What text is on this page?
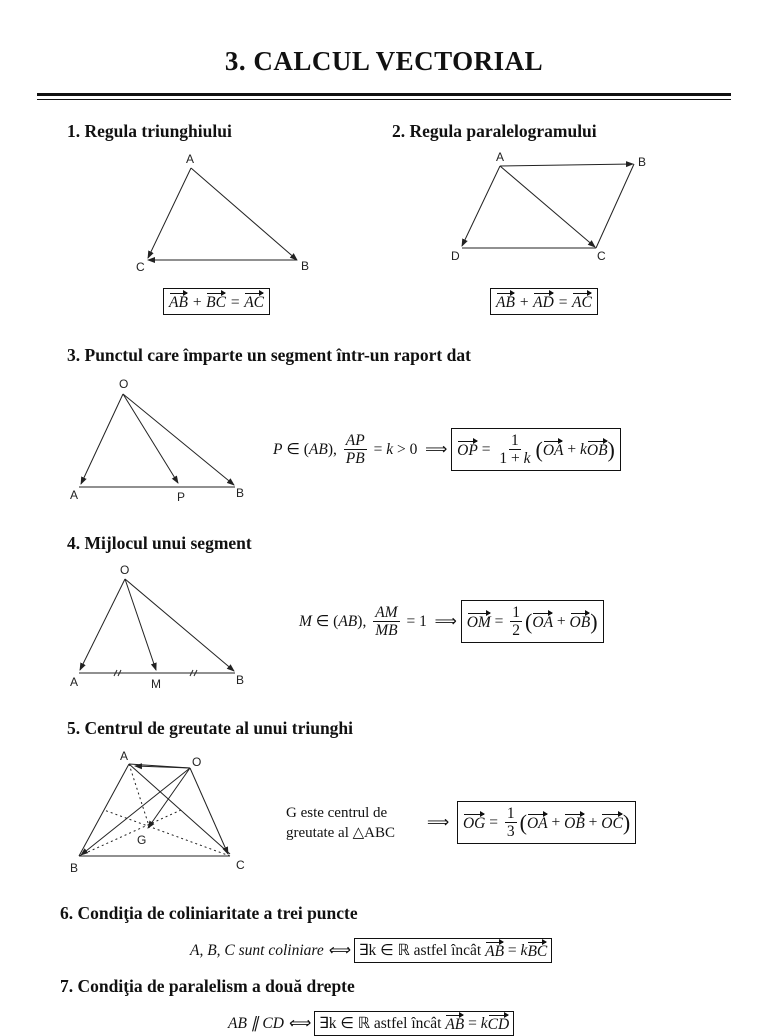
3. CALCUL VECTORIAL
1. Regula triunghiului
A
B
C
AB + BC = AC
2. Regula paralelogramului
A	B
C
D
AB + AD = AC
3. Punctul care împarte un segment într-un raport dat
O
A	P	B
P ∈ ( AB ), $\frac{AP}{PB} = k > 0$  ⟹ OP = $\frac{1}{1 + k}$ ( OA + k OB )
4. Mijlocul unui segment
O
A	M	B
M ∈ ( AB ), $\frac{AM}{MB} = 1$  ⟹ OM = $\frac{1}{2}$ ( OA + OB )
5. Centrul de greutate al unui triunghi
A	O
G
B	C
G este centrul de
greutate al △ABC
⟹ OG = $\frac{1}{3}$ ( OA + OB + OC )
6. Condiţia de coliniaritate a trei puncte
A, B, C sunt coliniare ⟺
∃k ∈ ℝ astfel încât
AB = k BC
7. Condiţia de paralelism a două drepte
AB ∥ CD ⟺
∃k ∈ ℝ astfel încât
AB = k CD
